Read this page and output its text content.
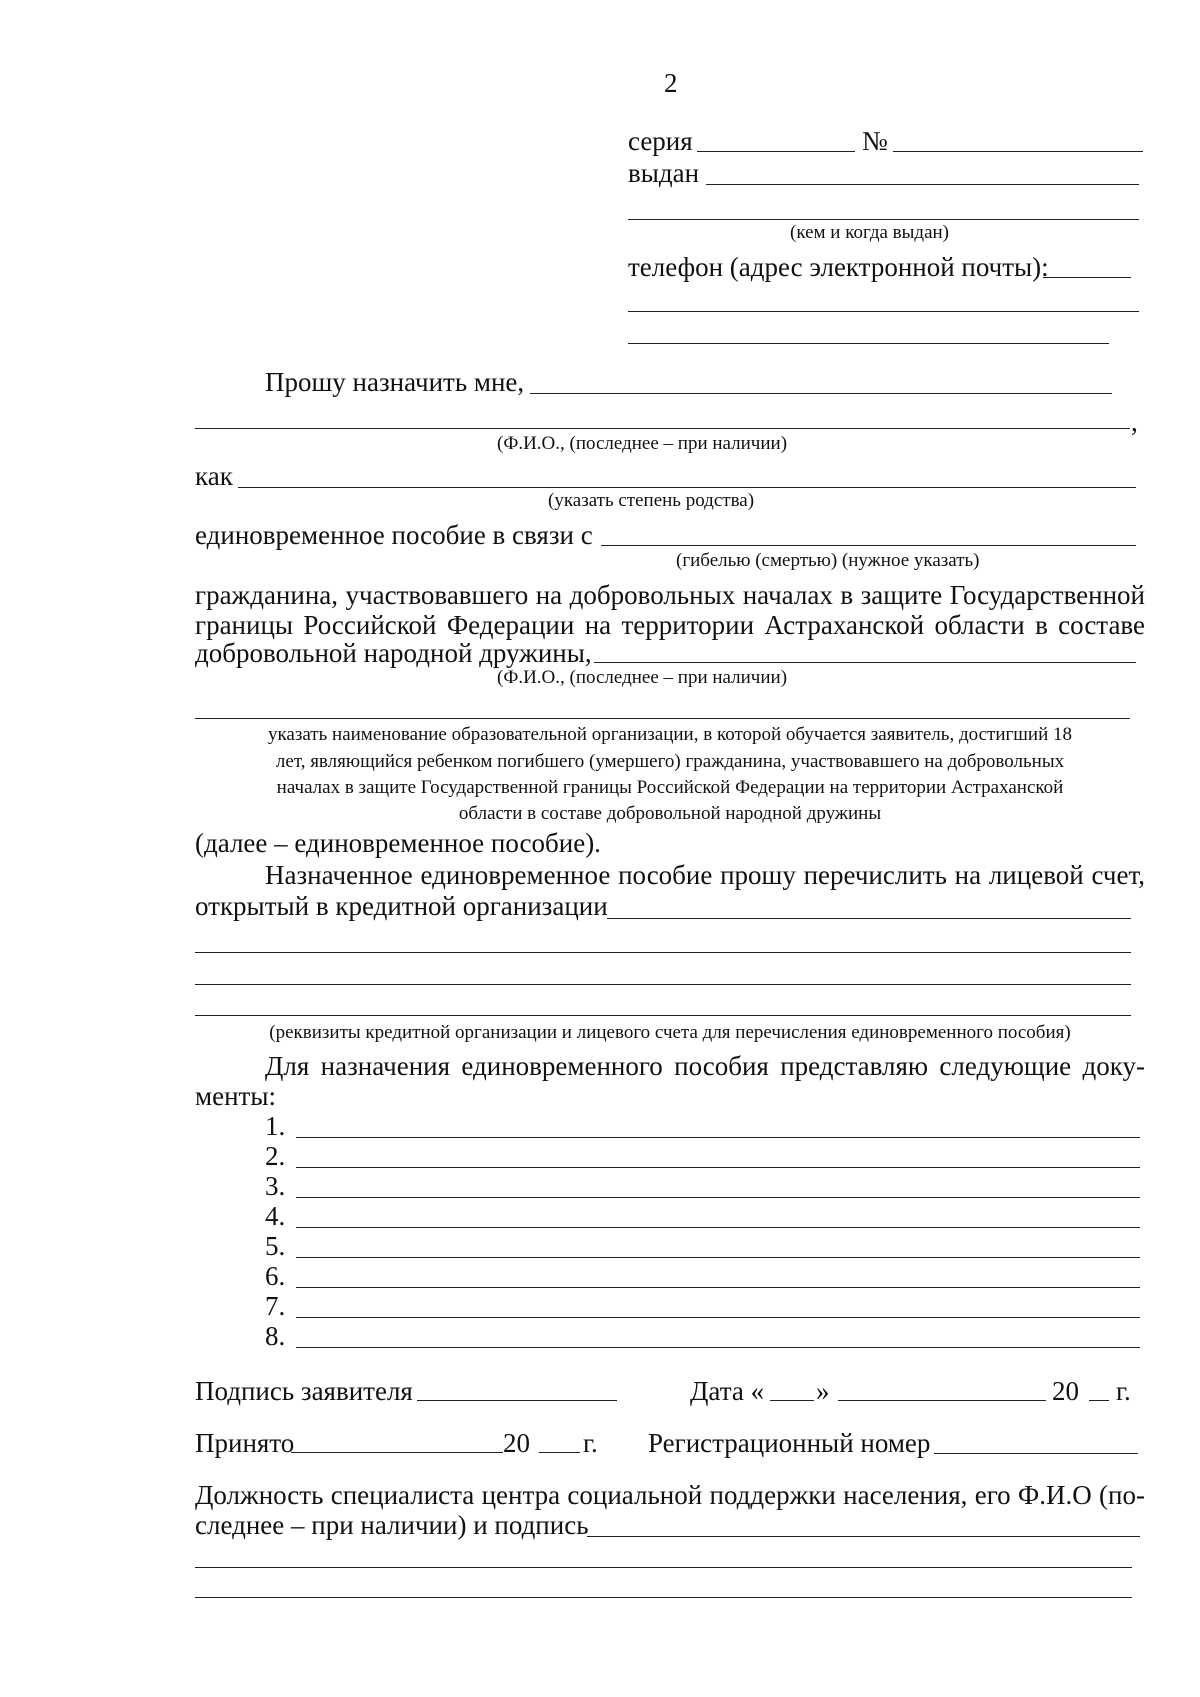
2
серия	№
выдан
(кем и когда выдан)
телефон (адрес электронной почты):
Прошу назначить мне,
,
(Ф.И.О., (последнее – при наличии)
как
(указать степень родства)
единовременное пособие в связи с
(гибелью (смертью) (нужное указать)
гражданина, участвовавшего на добровольных началах в защите Государственной
границы Российской Федерации на территории Астраханской области в составе
добровольной народной дружины,
(Ф.И.О., (последнее – при наличии)
указать наименование образовательной организации, в которой обучается заявитель, достигший 18
лет, являющийся ребенком погибшего (умершего) гражданина, участвовавшего на добровольных
началах в защите Государственной границы Российской Федерации на территории Астраханской
области в составе добровольной народной дружины
(далее – единовременное пособие).
Назначенное единовременное пособие прошу перечислить на лицевой счет,
открытый в кредитной организации
(реквизиты кредитной организации и лицевого счета для перечисления единовременного пособия)
Для назначения единовременного пособия представляю следующие доку-
менты:
1.
2.
3.
4.
5.
6.
7.
8.
Подпись заявителя	Дата « »	20 г.
Принято	20 г. Регистрационный номер
Должность специалиста центра социальной поддержки населения, его Ф.И.О (по-
следнее – при наличии) и подпись
